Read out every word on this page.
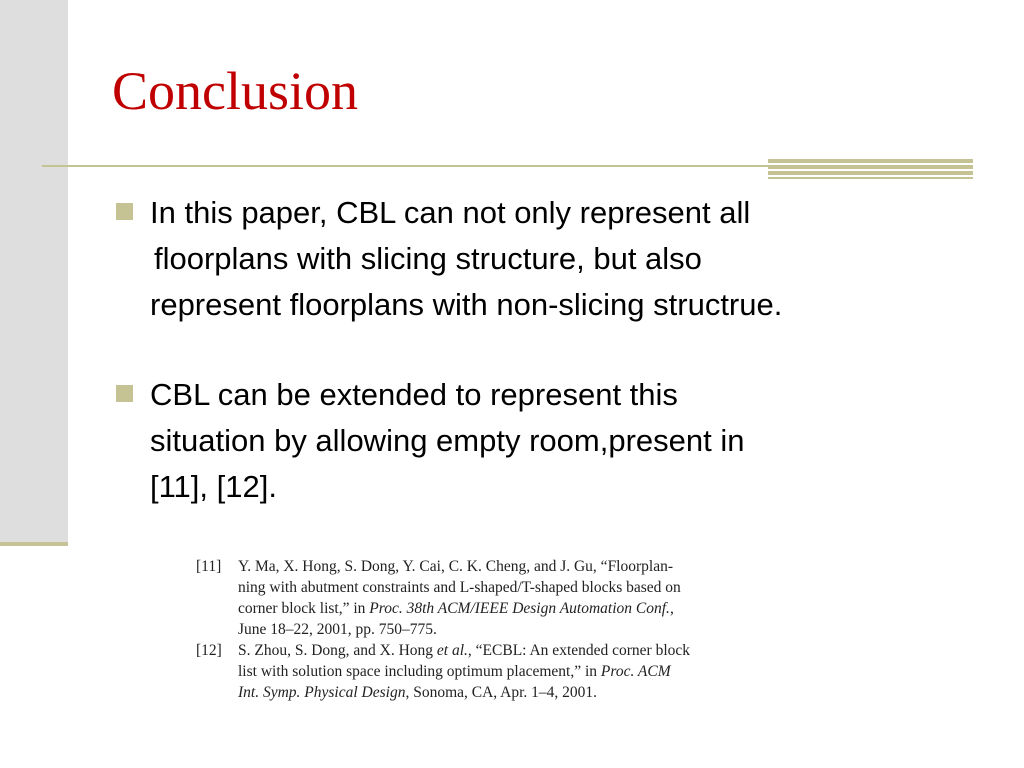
Conclusion
In this paper, CBL can not only represent all
floorplans with slicing structure, but also
represent floorplans with non-slicing structrue.
CBL can be extended to represent this
situation by allowing empty room,present in
[11], [12].
[11] Y. Ma, X. Hong, S. Dong, Y. Cai, C. K. Cheng, and J. Gu, “Floorplan-
ning with abutment constraints and L-shaped/T-shaped blocks based on
corner block list,” in Proc. 38th ACM/IEEE Design Automation Conf.,
June 18–22, 2001, pp. 750–775.
[12] S. Zhou, S. Dong, and X. Hong et al., “ECBL: An extended corner block
list with solution space including optimum placement,” in Proc. ACM
Int. Symp. Physical Design, Sonoma, CA, Apr. 1–4, 2001.
